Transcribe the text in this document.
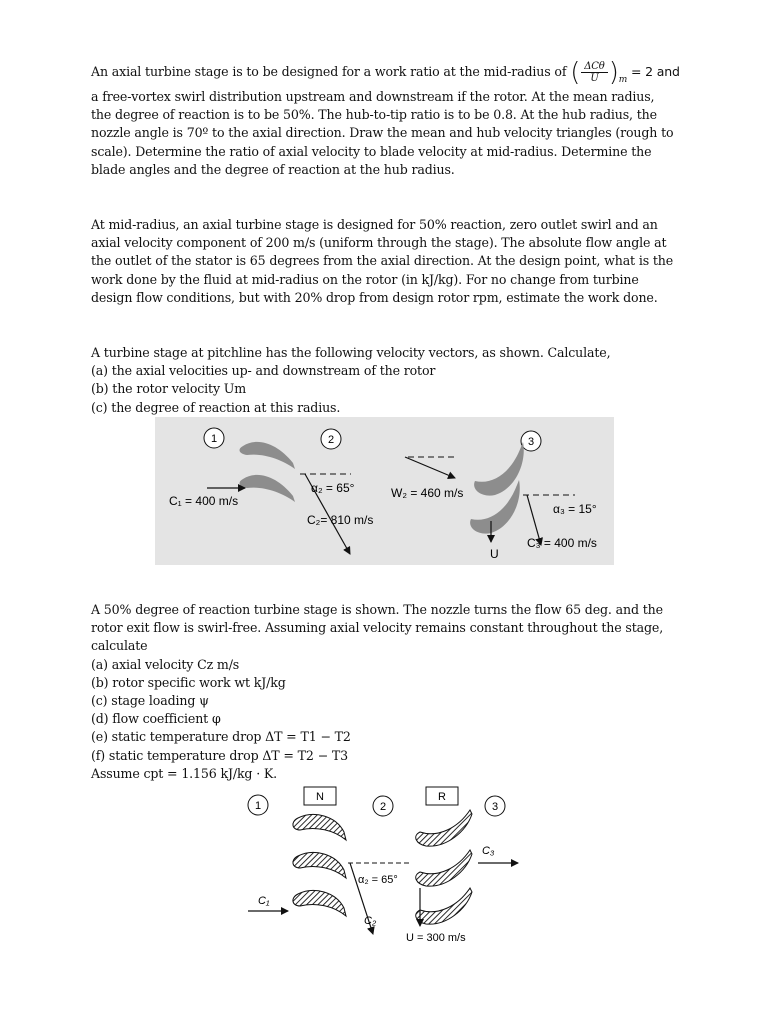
An axial turbine stage is to be designed for a work ratio at the mid-radius of ( $\frac{\text{ΔCθ}}{U} )_m = 2$ and
a free-vortex swirl distribution upstream and downstream if the rotor. At the mean radius,
the degree of reaction is to be 50%. The hub-to-tip ratio is to be 0.8. At the hub radius, the
nozzle angle is 70º to the axial direction. Draw the mean and hub velocity triangles (rough to
scale). Determine the ratio of axial velocity to blade velocity at mid-radius. Determine the
blade angles and the degree of reaction at the hub radius.
At mid-radius, an axial turbine stage is designed for 50% reaction, zero outlet swirl and an
axial velocity component of 200 m/s (uniform through the stage). The absolute flow angle at
the outlet of the stator is 65 degrees from the axial direction. At the design point, what is the
work done by the fluid at mid-radius on the rotor (in kJ/kg). For no change from turbine
design flow conditions, but with 20% drop from design rotor rpm, estimate the work done.
A turbine stage at pitchline has the following velocity vectors, as shown. Calculate,
(a) the axial velocities up- and downstream of the rotor
(b) the rotor velocity Um
(c) the degree of reaction at this radius.
1	2	3
C₁ = 400 m/s
α₂ = 65°
C₂= 810 m/s
W₂ = 460 m/s
α₃ = 15°
C₃ = 400 m/s
U
A 50% degree of reaction turbine stage is shown. The nozzle turns the flow 65 deg. and the
rotor exit flow is swirl-free. Assuming axial velocity remains constant throughout the stage,
calculate
(a) axial velocity Cz m/s
(b) rotor specific work wt kJ/kg
(c) stage loading ψ
(d) flow coefficient φ
(e) static temperature drop ΔT = T1 − T2
(f) static temperature drop ΔT = T2 − T3
Assume cpt = 1.156 kJ/kg · K.
1	2	3
N	R
C₁
α₂ = 65°
C₂
U = 300 m/s
C₃
